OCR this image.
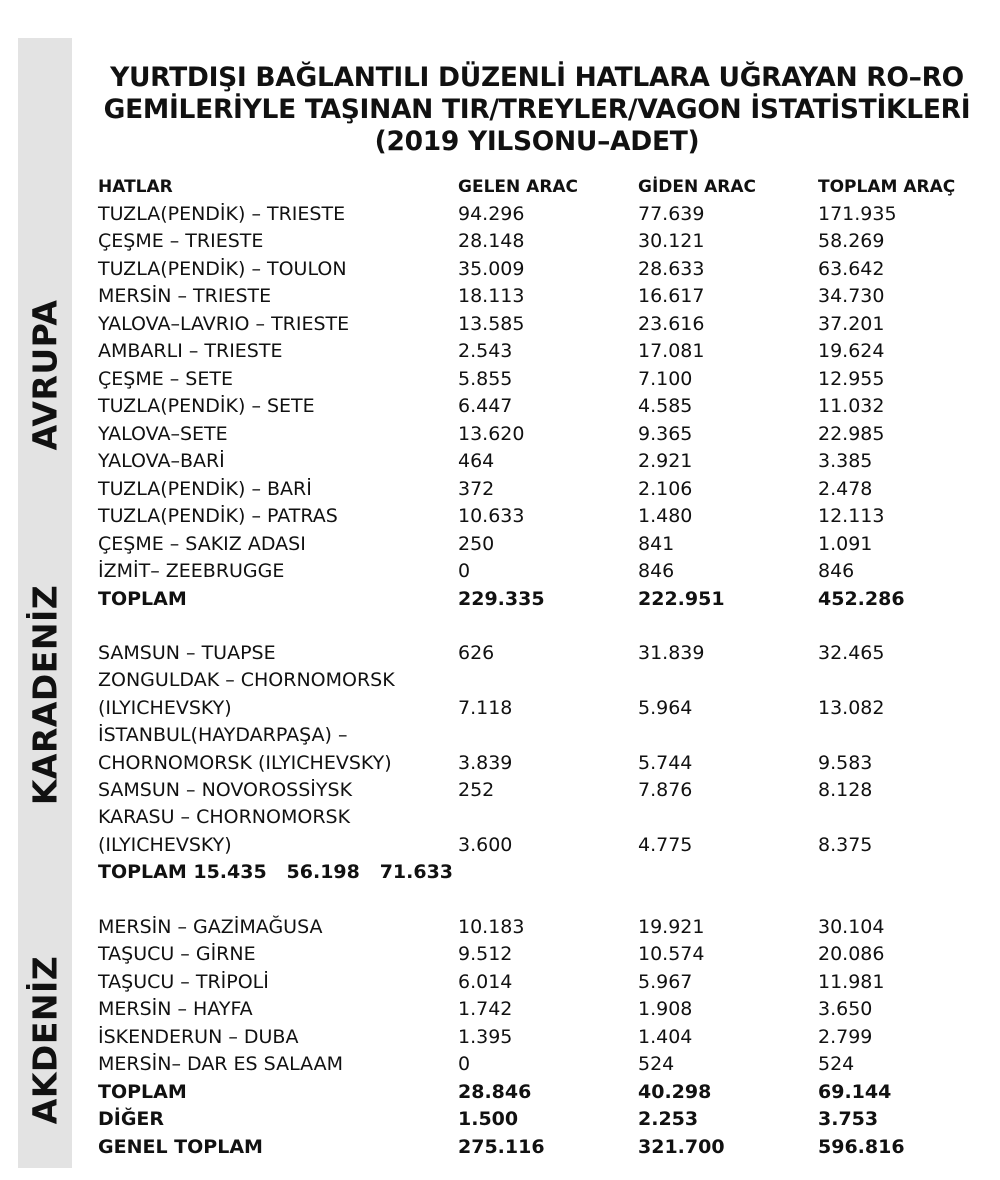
AVRUPA
KARADENİZ
AKDENİZ
YURTDIŞI BAĞLANTILI DÜZENLİ HATLARA UĞRAYAN RO–RO
GEMİLERİYLE TAŞINAN TIR/TREYLER/VAGON İSTATİSTİKLERİ
(2019 YILSONU–ADET)
HATLAR	GELEN ARAC	GİDEN ARAC	TOPLAM ARAÇ
TUZLA(PENDİK) – TRIESTE	94.296	77.639	171.935
ÇEŞME – TRIESTE	28.148	30.121	58.269
TUZLA(PENDİK) – TOULON	35.009	28.633	63.642
MERSİN – TRIESTE	18.113	16.617	34.730
YALOVA–LAVRIO – TRIESTE	13.585	23.616	37.201
AMBARLI – TRIESTE	2.543	17.081	19.624
ÇEŞME – SETE	5.855	7.100	12.955
TUZLA(PENDİK) – SETE	6.447	4.585	11.032
YALOVA–SETE	13.620	9.365	22.985
YALOVA–BARİ	464	2.921	3.385
TUZLA(PENDİK) – BARİ	372	2.106	2.478
TUZLA(PENDİK) – PATRAS	10.633	1.480	12.113
ÇEŞME – SAKIZ ADASI	250	841	1.091
İZMİT– ZEEBRUGGE	0	846	846
TOPLAM	229.335	222.951	452.286
SAMSUN – TUAPSE	626	31.839	32.465
ZONGULDAK – CHORNOMORSK
(ILYICHEVSKY)	7.118	5.964	13.082
İSTANBUL(HAYDARPAŞA) –
CHORNOMORSK (ILYICHEVSKY)	3.839	5.744	9.583
SAMSUN – NOVOROSSİYSK	252	7.876	8.128
KARASU – CHORNOMORSK
(ILYICHEVSKY)	3.600	4.775	8.375
TOPLAM 15.435   56.198   71.633
MERSİN – GAZİMAĞUSA	10.183	19.921	30.104
TAŞUCU – GİRNE	9.512	10.574	20.086
TAŞUCU – TRİPOLİ	6.014	5.967	11.981
MERSİN – HAYFA	1.742	1.908	3.650
İSKENDERUN – DUBA	1.395	1.404	2.799
MERSİN– DAR ES SALAAM	0	524	524
TOPLAM	28.846	40.298	69.144
DİĞER	1.500	2.253	3.753
GENEL TOPLAM	275.116	321.700	596.816
